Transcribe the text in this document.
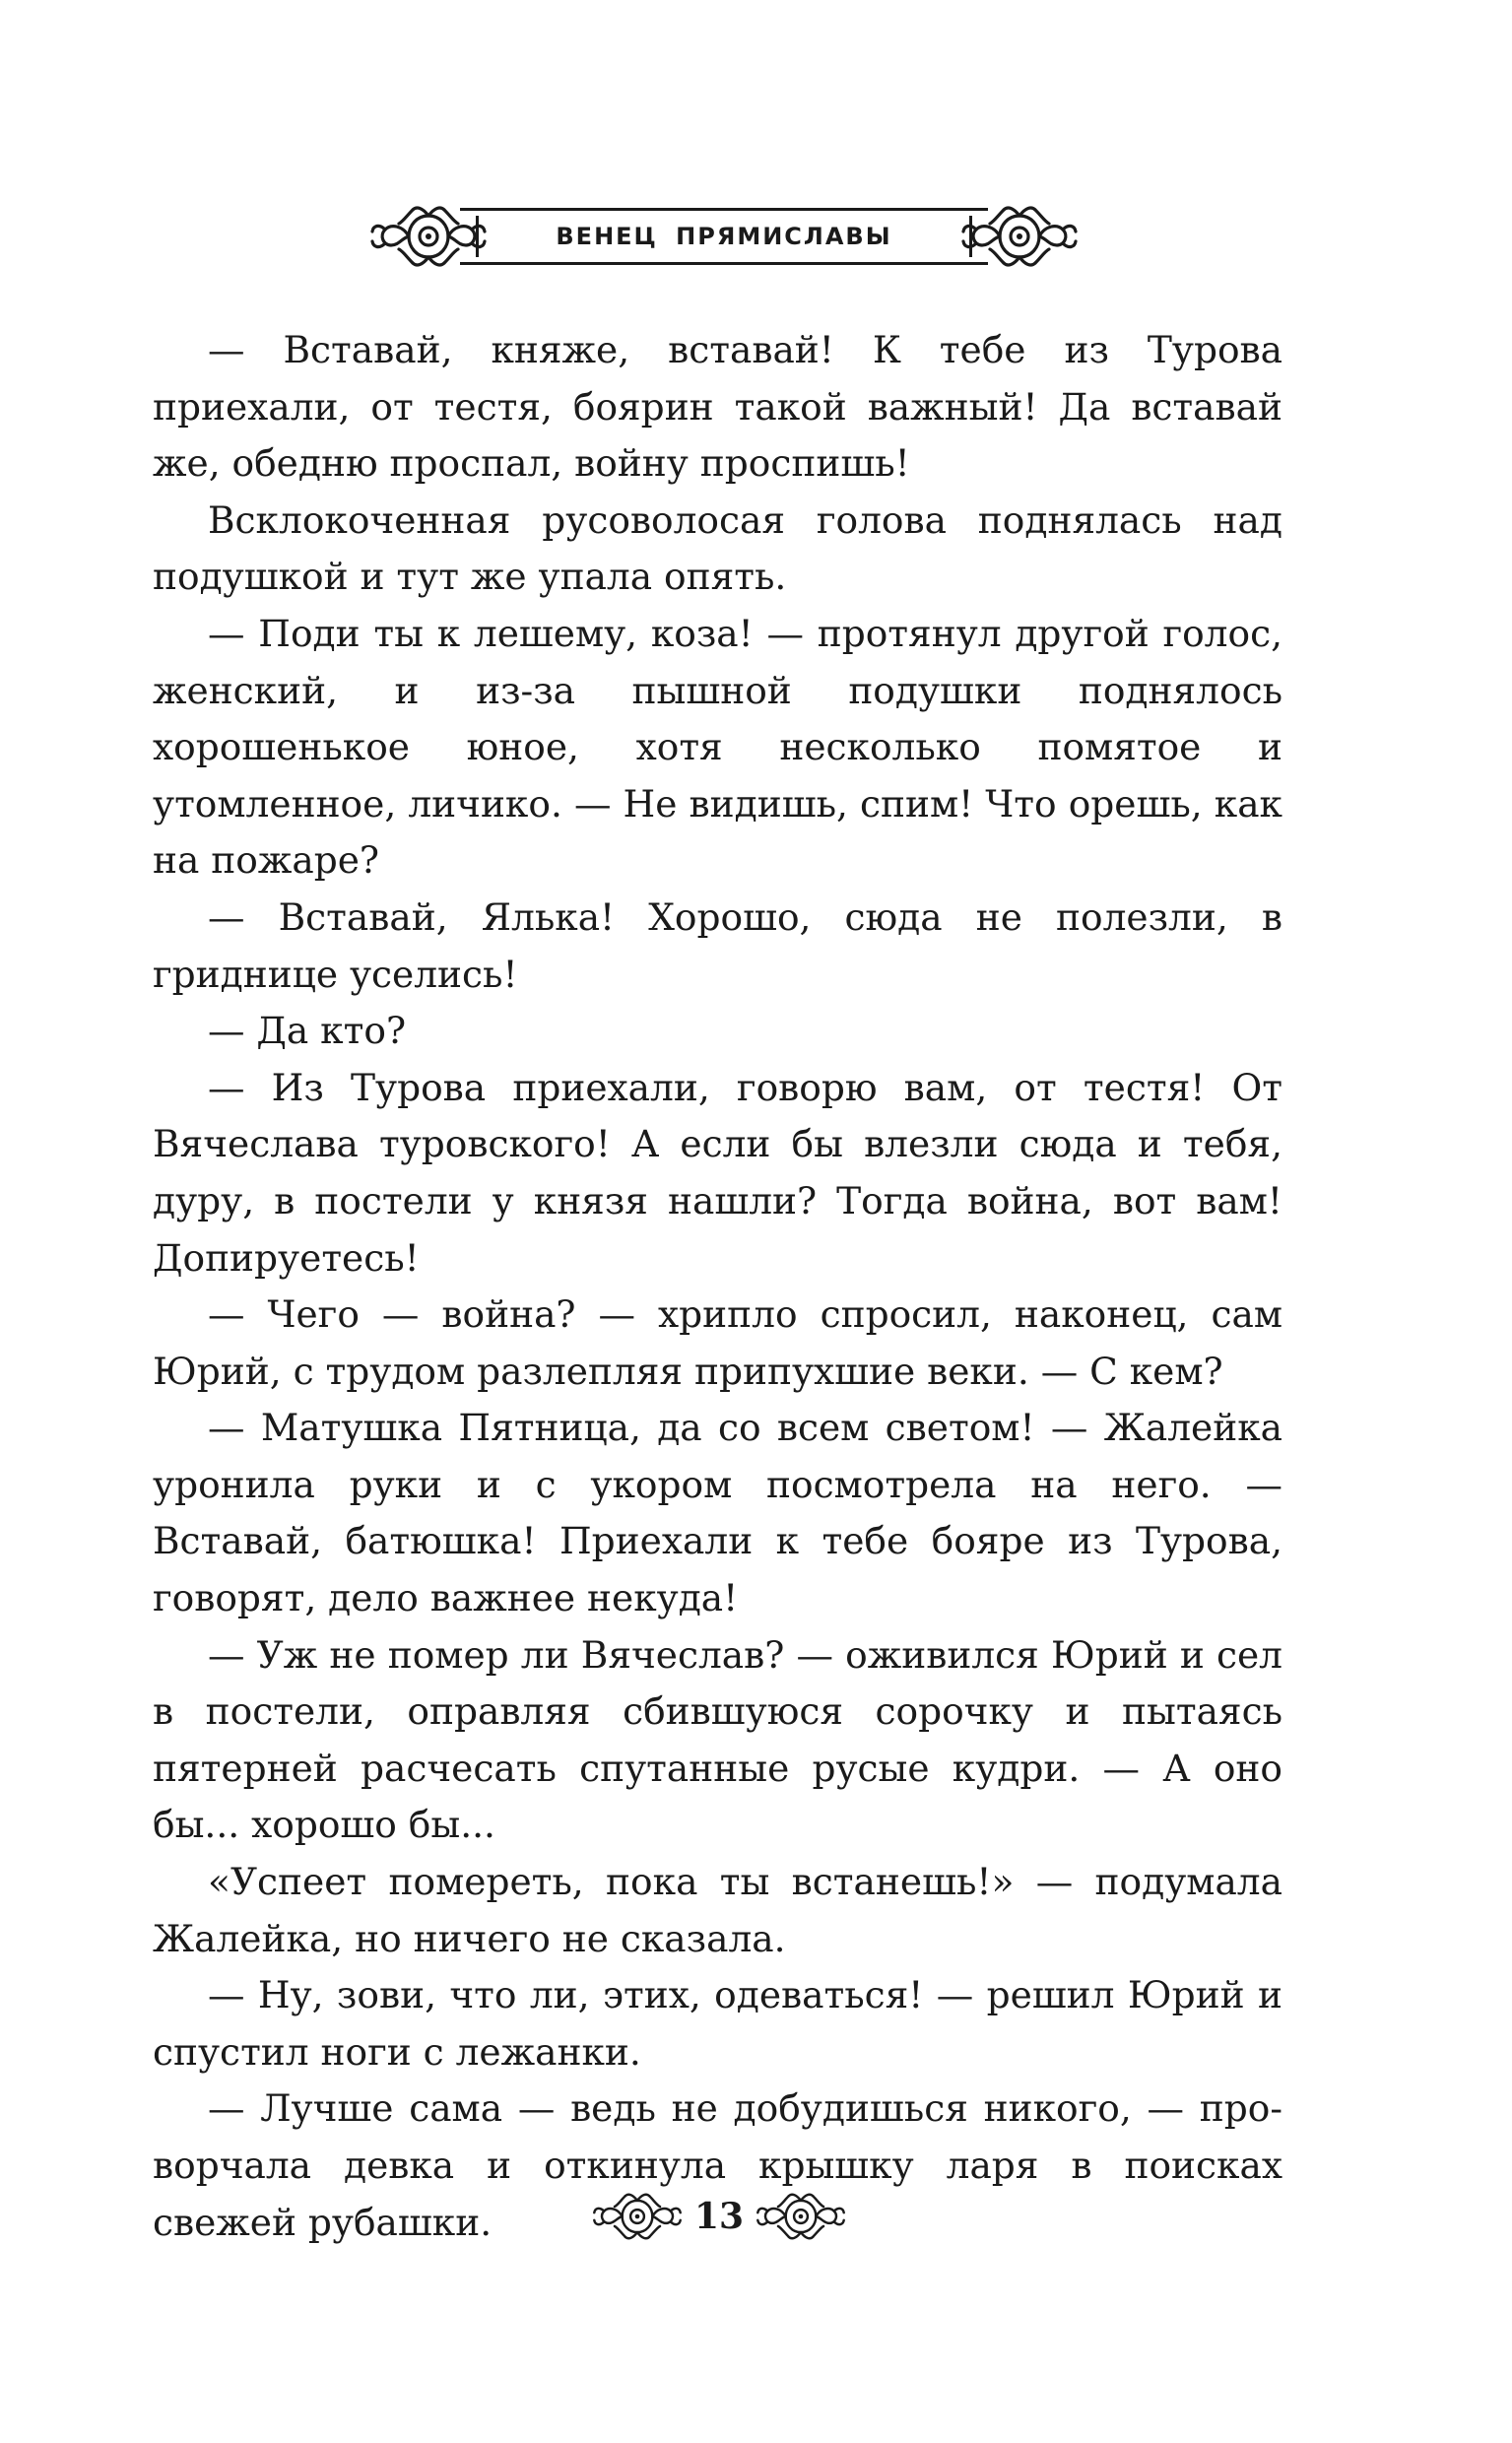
ВЕНЕЦ ПРЯМИСЛАВЫ

— Вставай, княже, вставай! К тебе из Турова приехали, от тестя, боярин такой важный! Да вставай же, обедню проспал, войну проспишь!

Всклокоченная русоволосая голова поднялась над подушкой и тут же упала опять.

— Поди ты к лешему, коза! — протянул другой голос, женский, и из-за пышной подушки поднялось хорошенькое юное, хотя несколько помятое и утомленное, личико. — Не видишь, спим! Что орешь, как на пожаре?

— Вставай, Ялька! Хорошо, сюда не полезли, в гриднице уселись!

— Да кто?

— Из Турова приехали, говорю вам, от тестя! От Вячеслава туровского! А если бы влезли сюда и тебя, дуру, в постели у князя нашли? Тогда война, вот вам! Допируетесь!

— Чего — война? — хрипло спросил, наконец, сам Юрий, с трудом разлепляя припухшие веки. — С кем?

— Матушка Пятница, да со всем светом! — Жалейка уронила руки и с укором посмотрела на него. — Вставай, батюшка! Приехали к тебе бояре из Турова, говорят, дело важнее некуда!

— Уж не помер ли Вячеслав? — оживился Юрий и сел в постели, оправляя сбившуюся сорочку и пытаясь пятерней расчесать спутанные русые кудри. — А оно бы... хорошо бы...

«Успеет помереть, пока ты встанешь!» — подумала Жалейка, но ничего не сказала.

— Ну, зови, что ли, этих, одеваться! — решил Юрий и спустил ноги с лежанки.

— Лучше сама — ведь не добудишься никого, — проворчала девка и откинула крышку ларя в поисках свежей рубашки.	13
